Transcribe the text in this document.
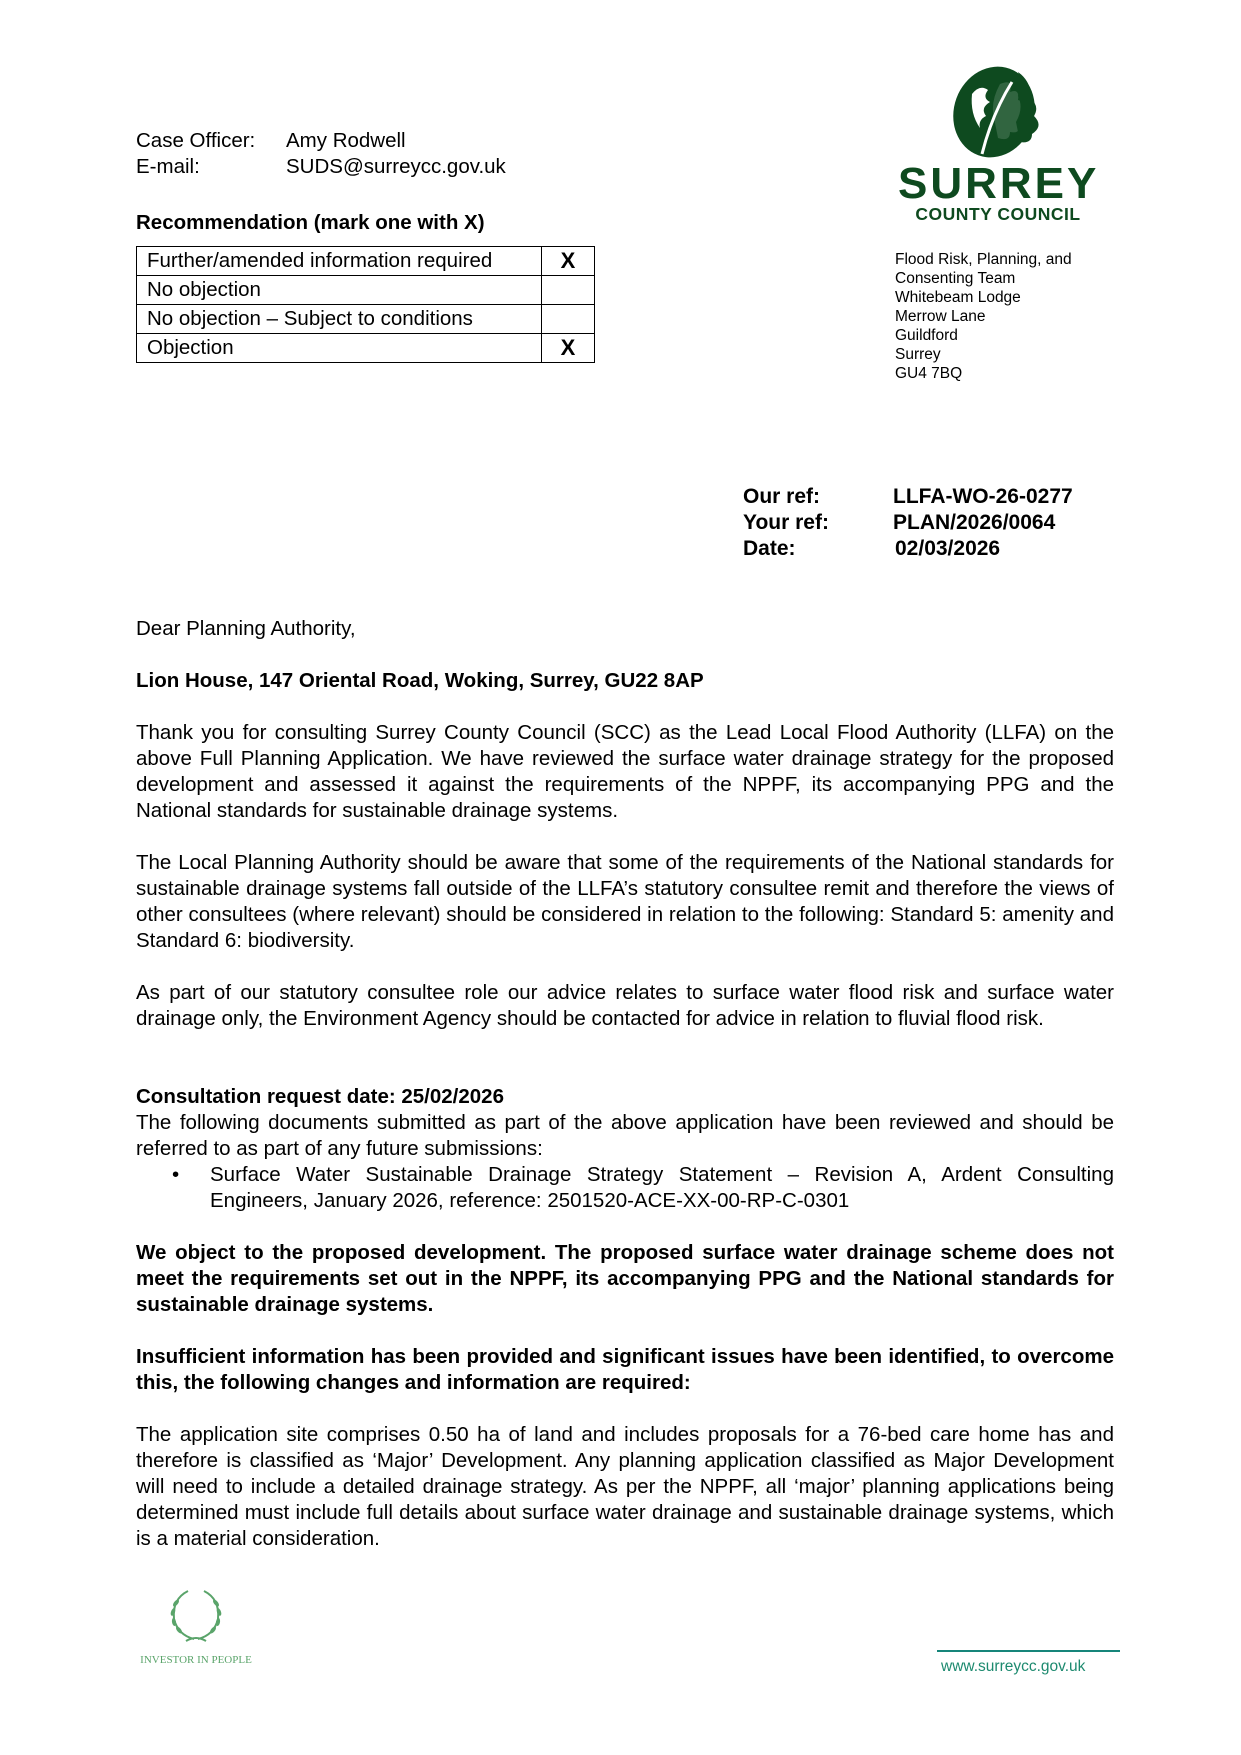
Case Officer:	Amy Rodwell
E-mail:	SUDS@surreycc.gov.uk
Recommendation (mark one with X)
Further/amended information required	X
No objection	
No objection – Subject to conditions	
Objection	X
SURREY
COUNTY COUNCIL
Flood Risk, Planning, and
Consenting Team
Whitebeam Lodge
Merrow Lane
Guildford
Surrey
GU4 7BQ
Our ref:	LLFA-WO-26-0277
Your ref:	PLAN/2026/0064
Date:	02/03/2026
Dear Planning Authority,
Lion House, 147 Oriental Road, Woking, Surrey, GU22 8AP

Thank you for consulting Surrey County Council (SCC) as the Lead Local Flood Authority (LLFA) on the above Full Planning Application. We have reviewed the surface water drainage strategy for the proposed development and assessed it against the requirements of the NPPF, its accompanying PPG and the National standards for sustainable drainage systems.

The Local Planning Authority should be aware that some of the requirements of the National standards for sustainable drainage systems fall outside of the LLFA’s statutory consultee remit and therefore the views of other consultees (where relevant) should be considered in relation to the following: Standard 5: amenity and Standard 6: biodiversity.

As part of our statutory consultee role our advice relates to surface water flood risk and surface water drainage only, the Environment Agency should be contacted for advice in relation to fluvial flood risk.

Consultation request date: 25/02/2026

The following documents submitted as part of the above application have been reviewed and should be referred to as part of any future submissions:

•	Surface Water Sustainable Drainage Strategy Statement – Revision A, Ardent Consulting Engineers, January 2026, reference: 2501520-ACE-XX-00-RP-C-0301

We object to the proposed development. The proposed surface water drainage scheme does not meet the requirements set out in the NPPF, its accompanying PPG and the National standards for sustainable drainage systems.

Insufficient information has been provided and significant issues have been identified, to overcome this, the following changes and information are required:

The application site comprises 0.50 ha of land and includes proposals for a 76-bed care home has and therefore is classified as ‘Major’ Development. Any planning application classified as Major Development will need to include a detailed drainage strategy. As per the NPPF, all ‘major’ planning applications being determined must include full details about surface water drainage and sustainable drainage systems, which is a material consideration.

INVESTOR IN PEOPLE	www.surreycc.gov.uk
